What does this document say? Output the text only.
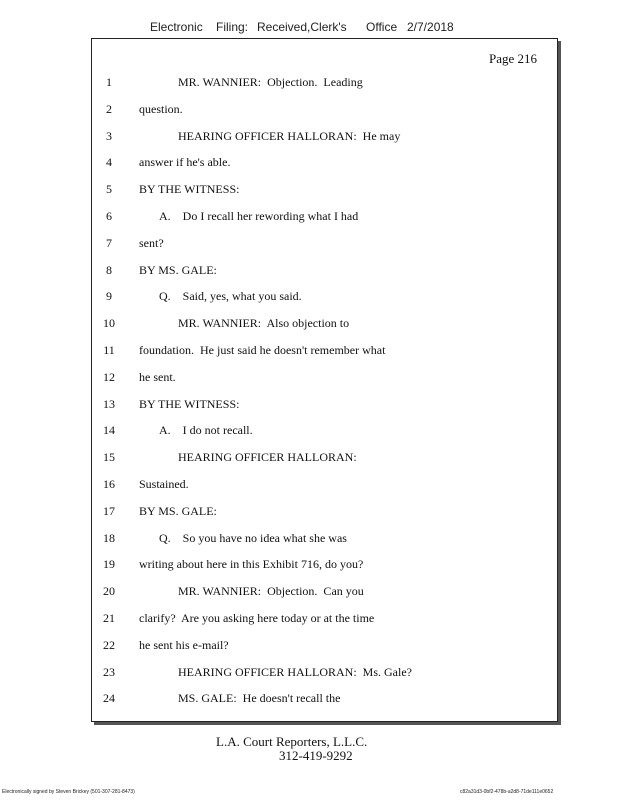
Electronic Filing: Received,Clerk's Office 2/7/2018
Page 216
1	MR. WANNIER:  Objection.  Leading
2	question.
3	HEARING OFFICER HALLORAN:  He may
4	answer if he's able.
5	BY THE WITNESS:
6	A.    Do I recall her rewording what I had
7	sent?
8	BY MS. GALE:
9	Q.    Said, yes, what you said.
10	MR. WANNIER:  Also objection to
11	foundation.  He just said he doesn't remember what
12	he sent.
13	BY THE WITNESS:
14	A.    I do not recall.
15	HEARING OFFICER HALLORAN:
16	Sustained.
17	BY MS. GALE:
18	Q.    So you have no idea what she was
19	writing about here in this Exhibit 716, do you?
20	MR. WANNIER:  Objection.  Can you
21	clarify?  Are you asking here today or at the time
22	he sent his e-mail?
23	HEARING OFFICER HALLORAN:  Ms. Gale?
24	MS. GALE:  He doesn't recall the
L.A. Court Reporters, L.L.C.
312-419-9292
Electronically signed by Steven Brickey (501-307-281-8473)	c82a31d3-0bf2-478b-a2d8-71de111e0652
